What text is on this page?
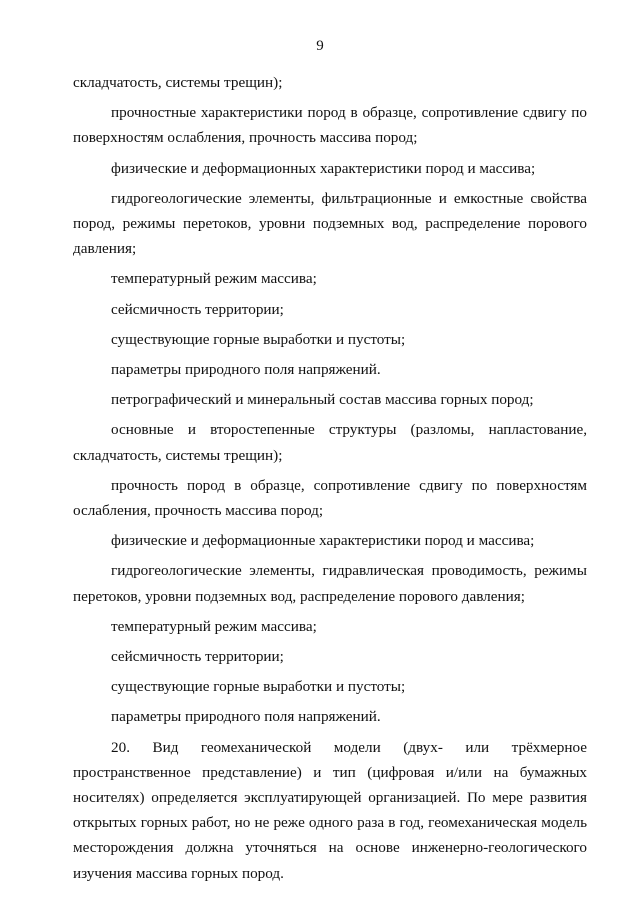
9

складчатость, системы трещин);

прочностные характеристики пород в образце, сопротивление сдвигу по поверхностям ослабления, прочность массива пород;

физические и деформационных характеристики пород и массива;

гидрогеологические элементы, фильтрационные и емкостные свойства пород, режимы перетоков, уровни подземных вод, распределение порового давления;

температурный режим массива;

сейсмичность территории;

существующие горные выработки и пустоты;

параметры природного поля напряжений.

петрографический и минеральный состав массива горных пород;

основные и второстепенные структуры (разломы, напластование, складчатость, системы трещин);

прочность пород в образце, сопротивление сдвигу по поверхностям ослабления, прочность массива пород;

физические и деформационные характеристики пород и массива;

гидрогеологические элементы, гидравлическая проводимость, режимы перетоков, уровни подземных вод, распределение порового давления;

температурный режим массива;

сейсмичность территории;

существующие горные выработки и пустоты;

параметры природного поля напряжений.

20. Вид геомеханической модели (двух- или трёхмерное пространственное представление) и тип (цифровая и/или на бумажных носителях) определяется эксплуатирующей организацией. По мере развития открытых горных работ, но не реже одного раза в год, геомеханическая модель месторождения должна уточняться на основе инженерно-геологического изучения массива горных пород.
